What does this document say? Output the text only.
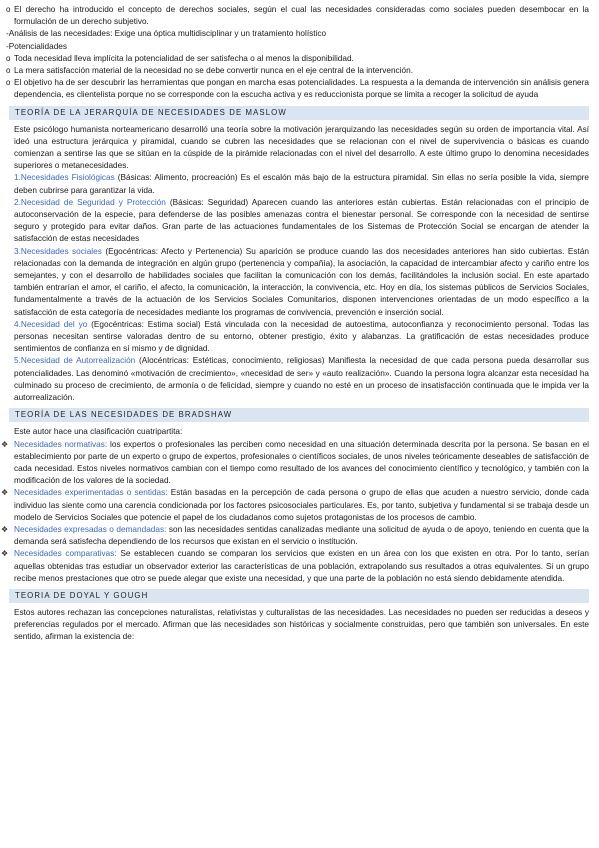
o El derecho ha introducido el concepto de derechos sociales, según el cual las necesidades consideradas como sociales pueden desembocar en la formulación de un derecho subjetivo.
-Análisis de las necesidades: Exige una óptica multidisciplinar y un tratamiento holístico
-Potencialidades
o Toda necesidad lleva implícita la potencialidad de ser satisfecha o al menos la disponibilidad.
o La mera satisfacción material de la necesidad no se debe convertir nunca en el eje central de la intervención.
o El objetivo ha de ser descubrir las herramientas que pongan en marcha esas potencialidades. La respuesta a la demanda de intervención sin análisis genera dependencia, es clientelista porque no se corresponde con la escucha activa y es reduccionista porque se limita a recoger la solicitud de ayuda
TEORÍA DE LA JERARQUÍA DE NECESIDADES DE MASLOW
Este psicólogo humanista norteamericano desarrolló una teoría sobre la motivación jerarquizando las necesidades según su orden de importancia vital. Así ideó una estructura jerárquica y piramidal, cuando se cubren las necesidades que se relacionan con el nivel de supervivencia o básicas es cuando comienzan a sentirse las que se sitúan en la cúspide de la pirámide relacionadas con el nivel del desarrollo. A este último grupo lo denomina necesidades superiores o metanecesidades.
1.Necesidades Fisiológicas (Básicas: Alimento, procreación) Es el escalón más bajo de la estructura piramidal. Sin ellas no sería posible la vida, siempre deben cubrirse para garantizar la vida.
2.Necesidad de Seguridad y Protección (Básicas: Seguridad) Aparecen cuando las anteriores están cubiertas. Están relacionadas con el principio de autoconservación de la especie, para defenderse de las posibles amenazas contra el bienestar personal. Se corresponde con la necesidad de sentirse seguro y protegido para evitar daños. Gran parte de las actuaciones fundamentales de los Sistemas de Protección Social se encargan de atender la satisfacción de estas necesidades
3.Necesidades sociales (Egocéntricas: Afecto y Pertenencia) Su aparición se produce cuando las dos necesidades anteriores han sido cubiertas. Están relacionadas con la demanda de integración en algún grupo (pertenencia y compañía), la asociación, la capacidad de intercambiar afecto y cariño entre los semejantes, y con el desarrollo de habilidades sociales que facilitan la comunicación con los demás, facilitándoles la inclusión social. En este apartado también entrarían el amor, el cariño, el afecto, la comunicación, la interacción, la convivencia, etc. Hoy en día, los sistemas públicos de Servicios Sociales, fundamentalmente a través de la actuación de los Servicios Sociales Comunitarios, disponen intervenciones orientadas de un modo específico a la satisfacción de esta categoría de necesidades mediante los programas de convivencia, prevención e inserción social.
4.Necesidad del yo (Egocéntricas: Estima social) Está vinculada con la necesidad de autoestima, autoconfianza y reconocimiento personal. Todas las personas necesitan sentirse valoradas dentro de su entorno, obtener prestigio, éxito y alabanzas. La gratificación de estas necesidades produce sentimientos de confianza en sí mismo y de dignidad.
5.Necesidad de Autorrealización (Alocéntricas: Estéticas, conocimiento, religiosas) Manifiesta la necesidad de que cada persona pueda desarrollar sus potencialidades. Las denominó «motivación de crecimiento», «necesidad de ser» y «auto realización». Cuando la persona logra alcanzar esta necesidad ha culminado su proceso de crecimiento, de armonía o de felicidad, siempre y cuando no esté en un proceso de insatisfacción continuada que le impida ver la autorrealización.
TEORÍA DE LAS NECESIDADES DE BRADSHAW
Este autor hace una clasificación cuatripartita:
❖ Necesidades normativas: los expertos o profesionales las perciben como necesidad en una situación determinada descrita por la persona. Se basan en el establecimiento por parte de un experto o grupo de expertos, profesionales o científicos sociales, de unos niveles teóricamente deseables de satisfacción de cada necesidad. Estos niveles normativos cambian con el tiempo como resultado de los avances del conocimiento científico y tecnológico, y también con la modificación de los valores de la sociedad.
❖ Necesidades experimentadas o sentidas: Están basadas en la percepción de cada persona o grupo de ellas que acuden a nuestro servicio, donde cada individuo las siente como una carencia condicionada por los factores psicosociales particulares. Es, por tanto, subjetiva y fundamental si se trabaja desde un modelo de Servicios Sociales que potencie el papel de los ciudadanos como sujetos protagonistas de los procesos de cambio.
❖ Necesidades expresadas o demandadas: son las necesidades sentidas canalizadas mediante una solicitud de ayuda o de apoyo, teniendo en cuenta que la demanda será satisfecha dependiendo de los recursos que existan en el servicio o institución.
❖ Necesidades comparativas: Se establecen cuando se comparan los servicios que existen en un área con los que existen en otra. Por lo tanto, serían aquellas obtenidas tras estudiar un observador exterior las características de una población, extrapolando sus resultados a otras equivalentes. Si un grupo recibe menos prestaciones que otro se puede alegar que existe una necesidad, y que una parte de la población no está siendo debidamente atendida.
TEORIA DE DOYAL Y GOUGH
Estos autores rechazan las concepciones naturalistas, relativistas y culturalistas de las necesidades. Las necesidades no pueden ser reducidas a deseos y preferencias regulados por el mercado. Afirman que las necesidades son históricas y socialmente construidas, pero que también son universales. En este sentido, afirman la existencia de:
